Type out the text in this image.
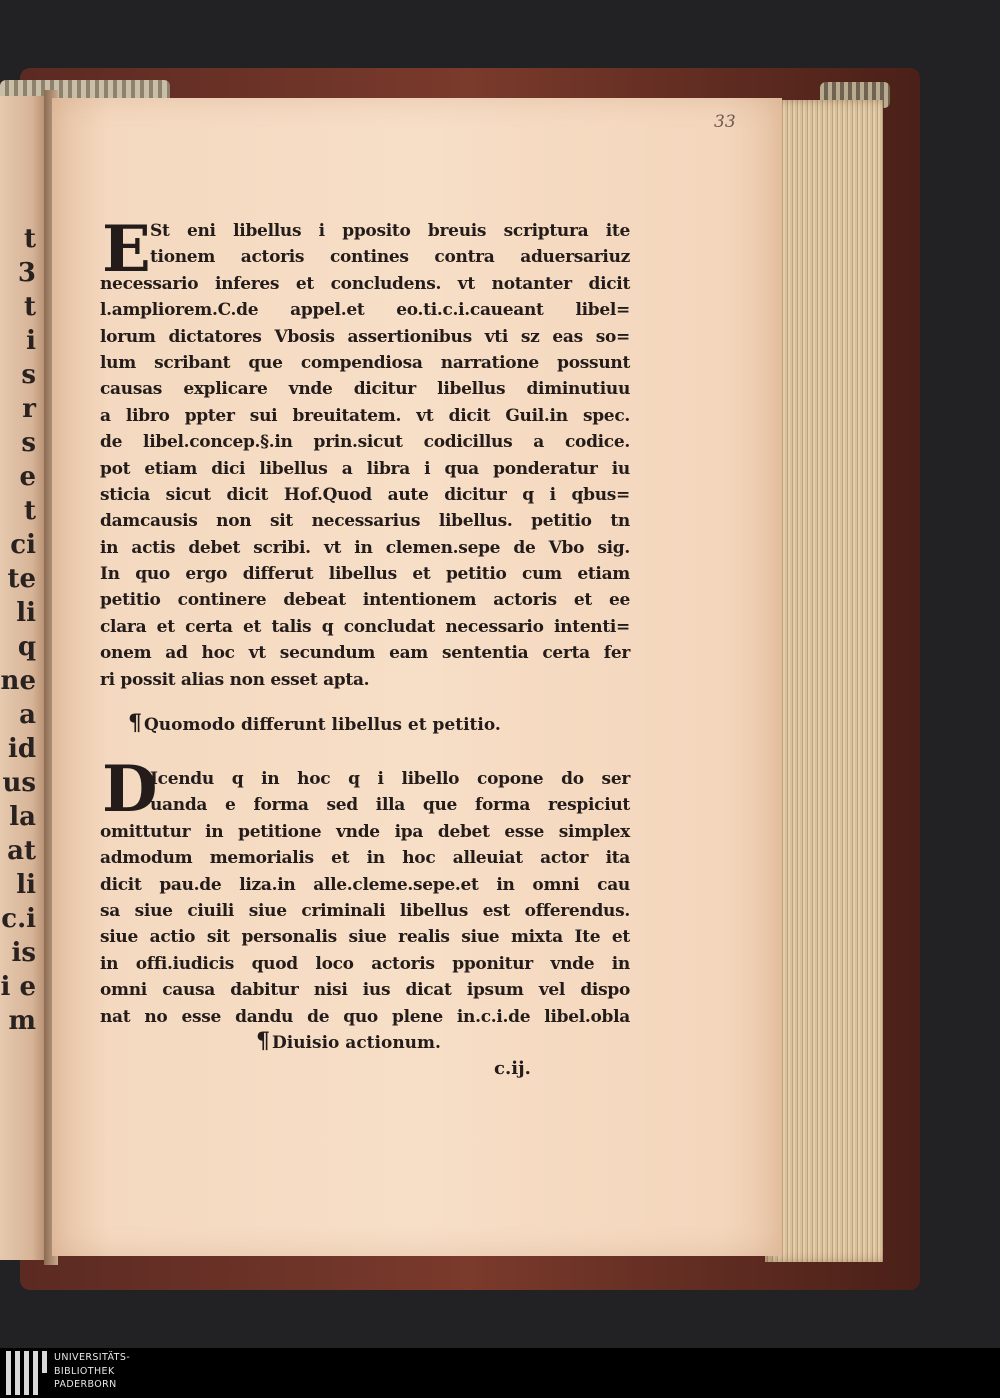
t
3
t
i
s
r
s
e
t
ci
te
li
q
ne
a
id
us
la
at
li
c.i
is
i e
m
33
E St eni libellus i pposito breuis scriptura ite
tionem actoris contines contra aduersariuz
necessario inferes et concludens. vt notanter dicit
l.ampliorem.C.de appel.et eo.ti.c.i.caueant libel=
lorum dictatores Vbosis assertionibus vti sz eas so=
lum scribant que compendiosa narratione possunt
causas explicare vnde dicitur libellus diminutiuu
a libro ppter sui breuitatem. vt dicit Guil.in spec.
de libel.concep.§.in prin.sicut codicillus a codice.
pot etiam dici libellus a libra i qua ponderatur iu
sticia sicut dicit Hof.Quod aute dicitur q i qbus=
damcausis non sit necessarius libellus. petitio tn
in actis debet scribi. vt in clemen.sepe de Vbo sig.
In quo ergo differut libellus et petitio cum etiam
petitio continere debeat intentionem actoris et ee
clara et certa et talis q concludat necessario intenti=
onem ad hoc vt secundum eam sententia certa fer
ri possit alias non esset apta.
¶ Quomodo differunt libellus et petitio.
D
Icendu q in hoc q i libello copone do ser
uanda e forma sed illa que forma respiciut
omittutur in petitione vnde ipa debet esse simplex
admodum memorialis et in hoc alleuiat actor ita
dicit pau.de liza.in alle.cleme.sepe.et in omni cau
sa siue ciuili siue criminali libellus est offerendus.
siue actio sit personalis siue realis siue mixta Ite et
in offi.iudicis quod loco actoris pponitur vnde in
omni causa dabitur nisi ius dicat ipsum vel dispo
nat no esse dandu de quo plene in.c.i.de libel.obla
¶ Diuisio actionum.
c.ij.
UNIVERSITÄTS-
BIBLIOTHEK
PADERBORN
